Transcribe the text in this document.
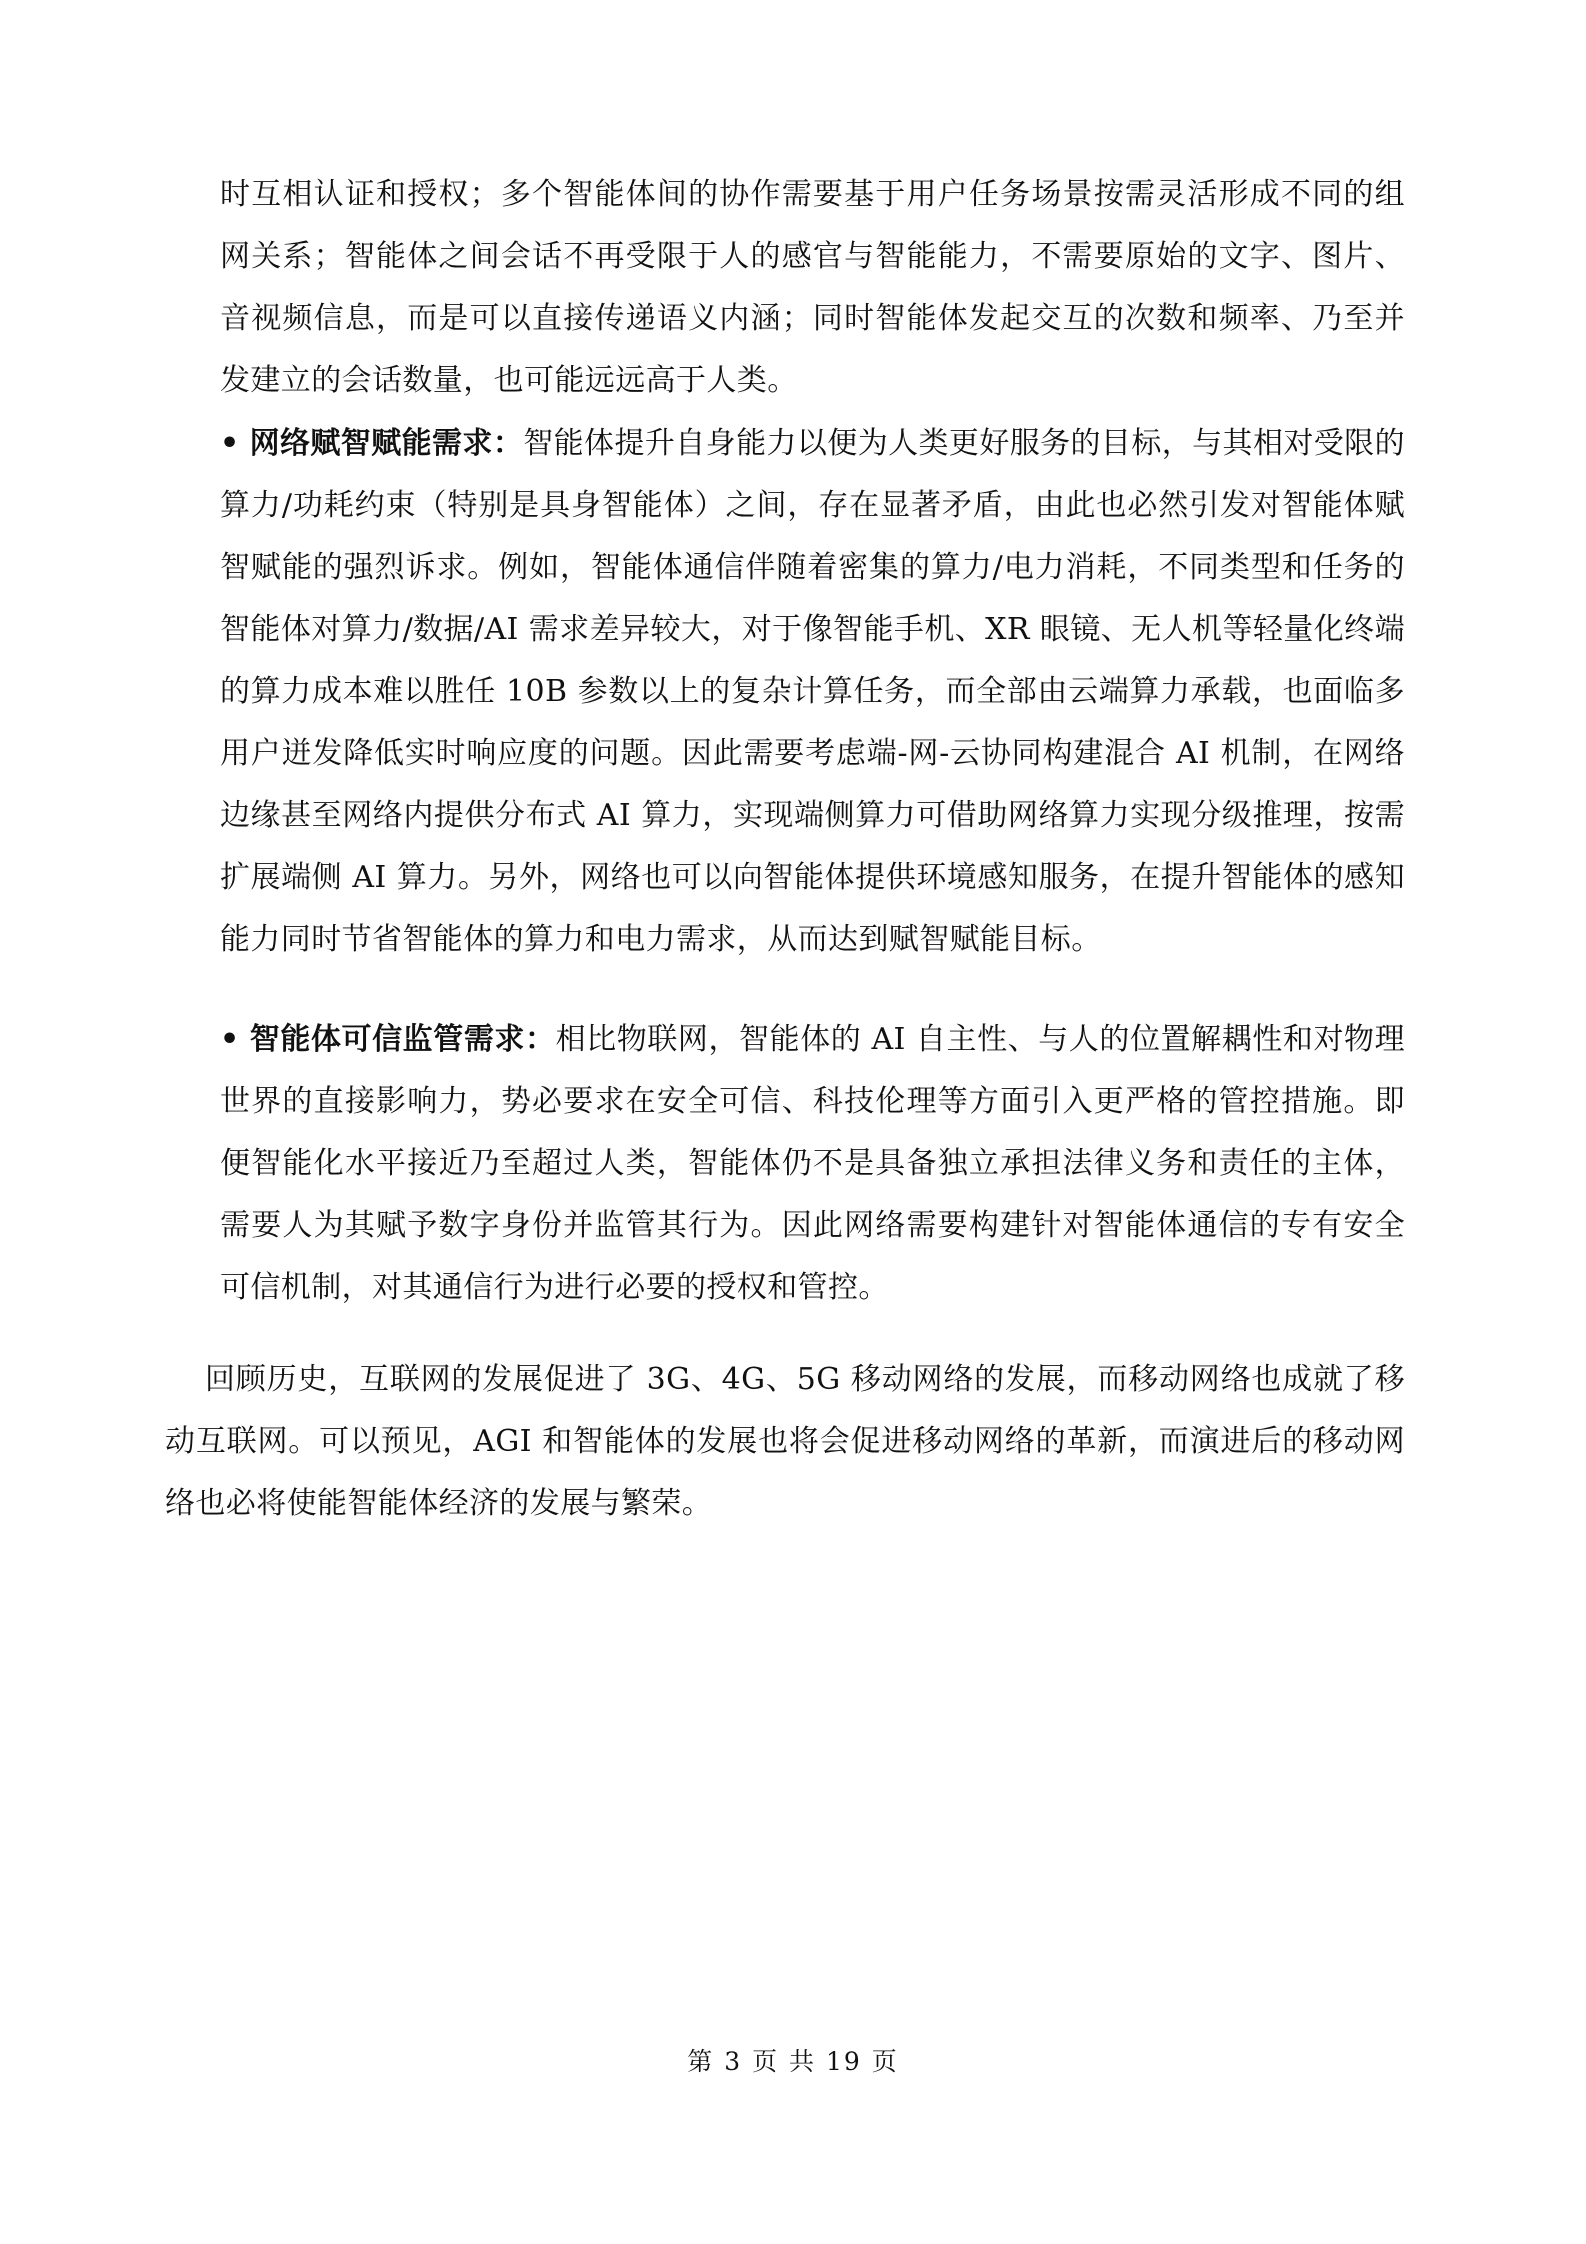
时互相认证和授权；多个智能体间的协作需要基于用户任务场景按需灵活形成不同的组网关系；智能体之间会话不再受限于人的感官与智能能力，不需要原始的文字、图片、音视频信息，而是可以直接传递语义内涵；同时智能体发起交互的次数和频率、乃至并发建立的会话数量，也可能远远高于人类。

• 网络赋智赋能需求：智能体提升自身能力以便为人类更好服务的目标，与其相对受限的算力/功耗约束（特别是具身智能体）之间，存在显著矛盾，由此也必然引发对智能体赋智赋能的强烈诉求。例如，智能体通信伴随着密集的算力/电力消耗，不同类型和任务的智能体对算力/数据/AI 需求差异较大，对于像智能手机、XR 眼镜、无人机等轻量化终端的算力成本难以胜任 10B 参数以上的复杂计算任务，而全部由云端算力承载，也面临多用户迸发降低实时响应度的问题。因此需要考虑端-网-云协同构建混合 AI 机制，在网络边缘甚至网络内提供分布式 AI 算力，实现端侧算力可借助网络算力实现分级推理，按需扩展端侧 AI 算力。另外，网络也可以向智能体提供环境感知服务，在提升智能体的感知能力同时节省智能体的算力和电力需求，从而达到赋智赋能目标。

• 智能体可信监管需求：相比物联网，智能体的 AI 自主性、与人的位置解耦性和对物理世界的直接影响力，势必要求在安全可信、科技伦理等方面引入更严格的管控措施。即便智能化水平接近乃至超过人类，智能体仍不是具备独立承担法律义务和责任的主体，需要人为其赋予数字身份并监管其行为。因此网络需要构建针对智能体通信的专有安全可信机制，对其通信行为进行必要的授权和管控。

回顾历史，互联网的发展促进了 3G、4G、5G 移动网络的发展，而移动网络也成就了移动互联网。可以预见，AGI 和智能体的发展也将会促进移动网络的革新，而演进后的移动网络也必将使能智能体经济的发展与繁荣。

第 3 页 共 19 页
